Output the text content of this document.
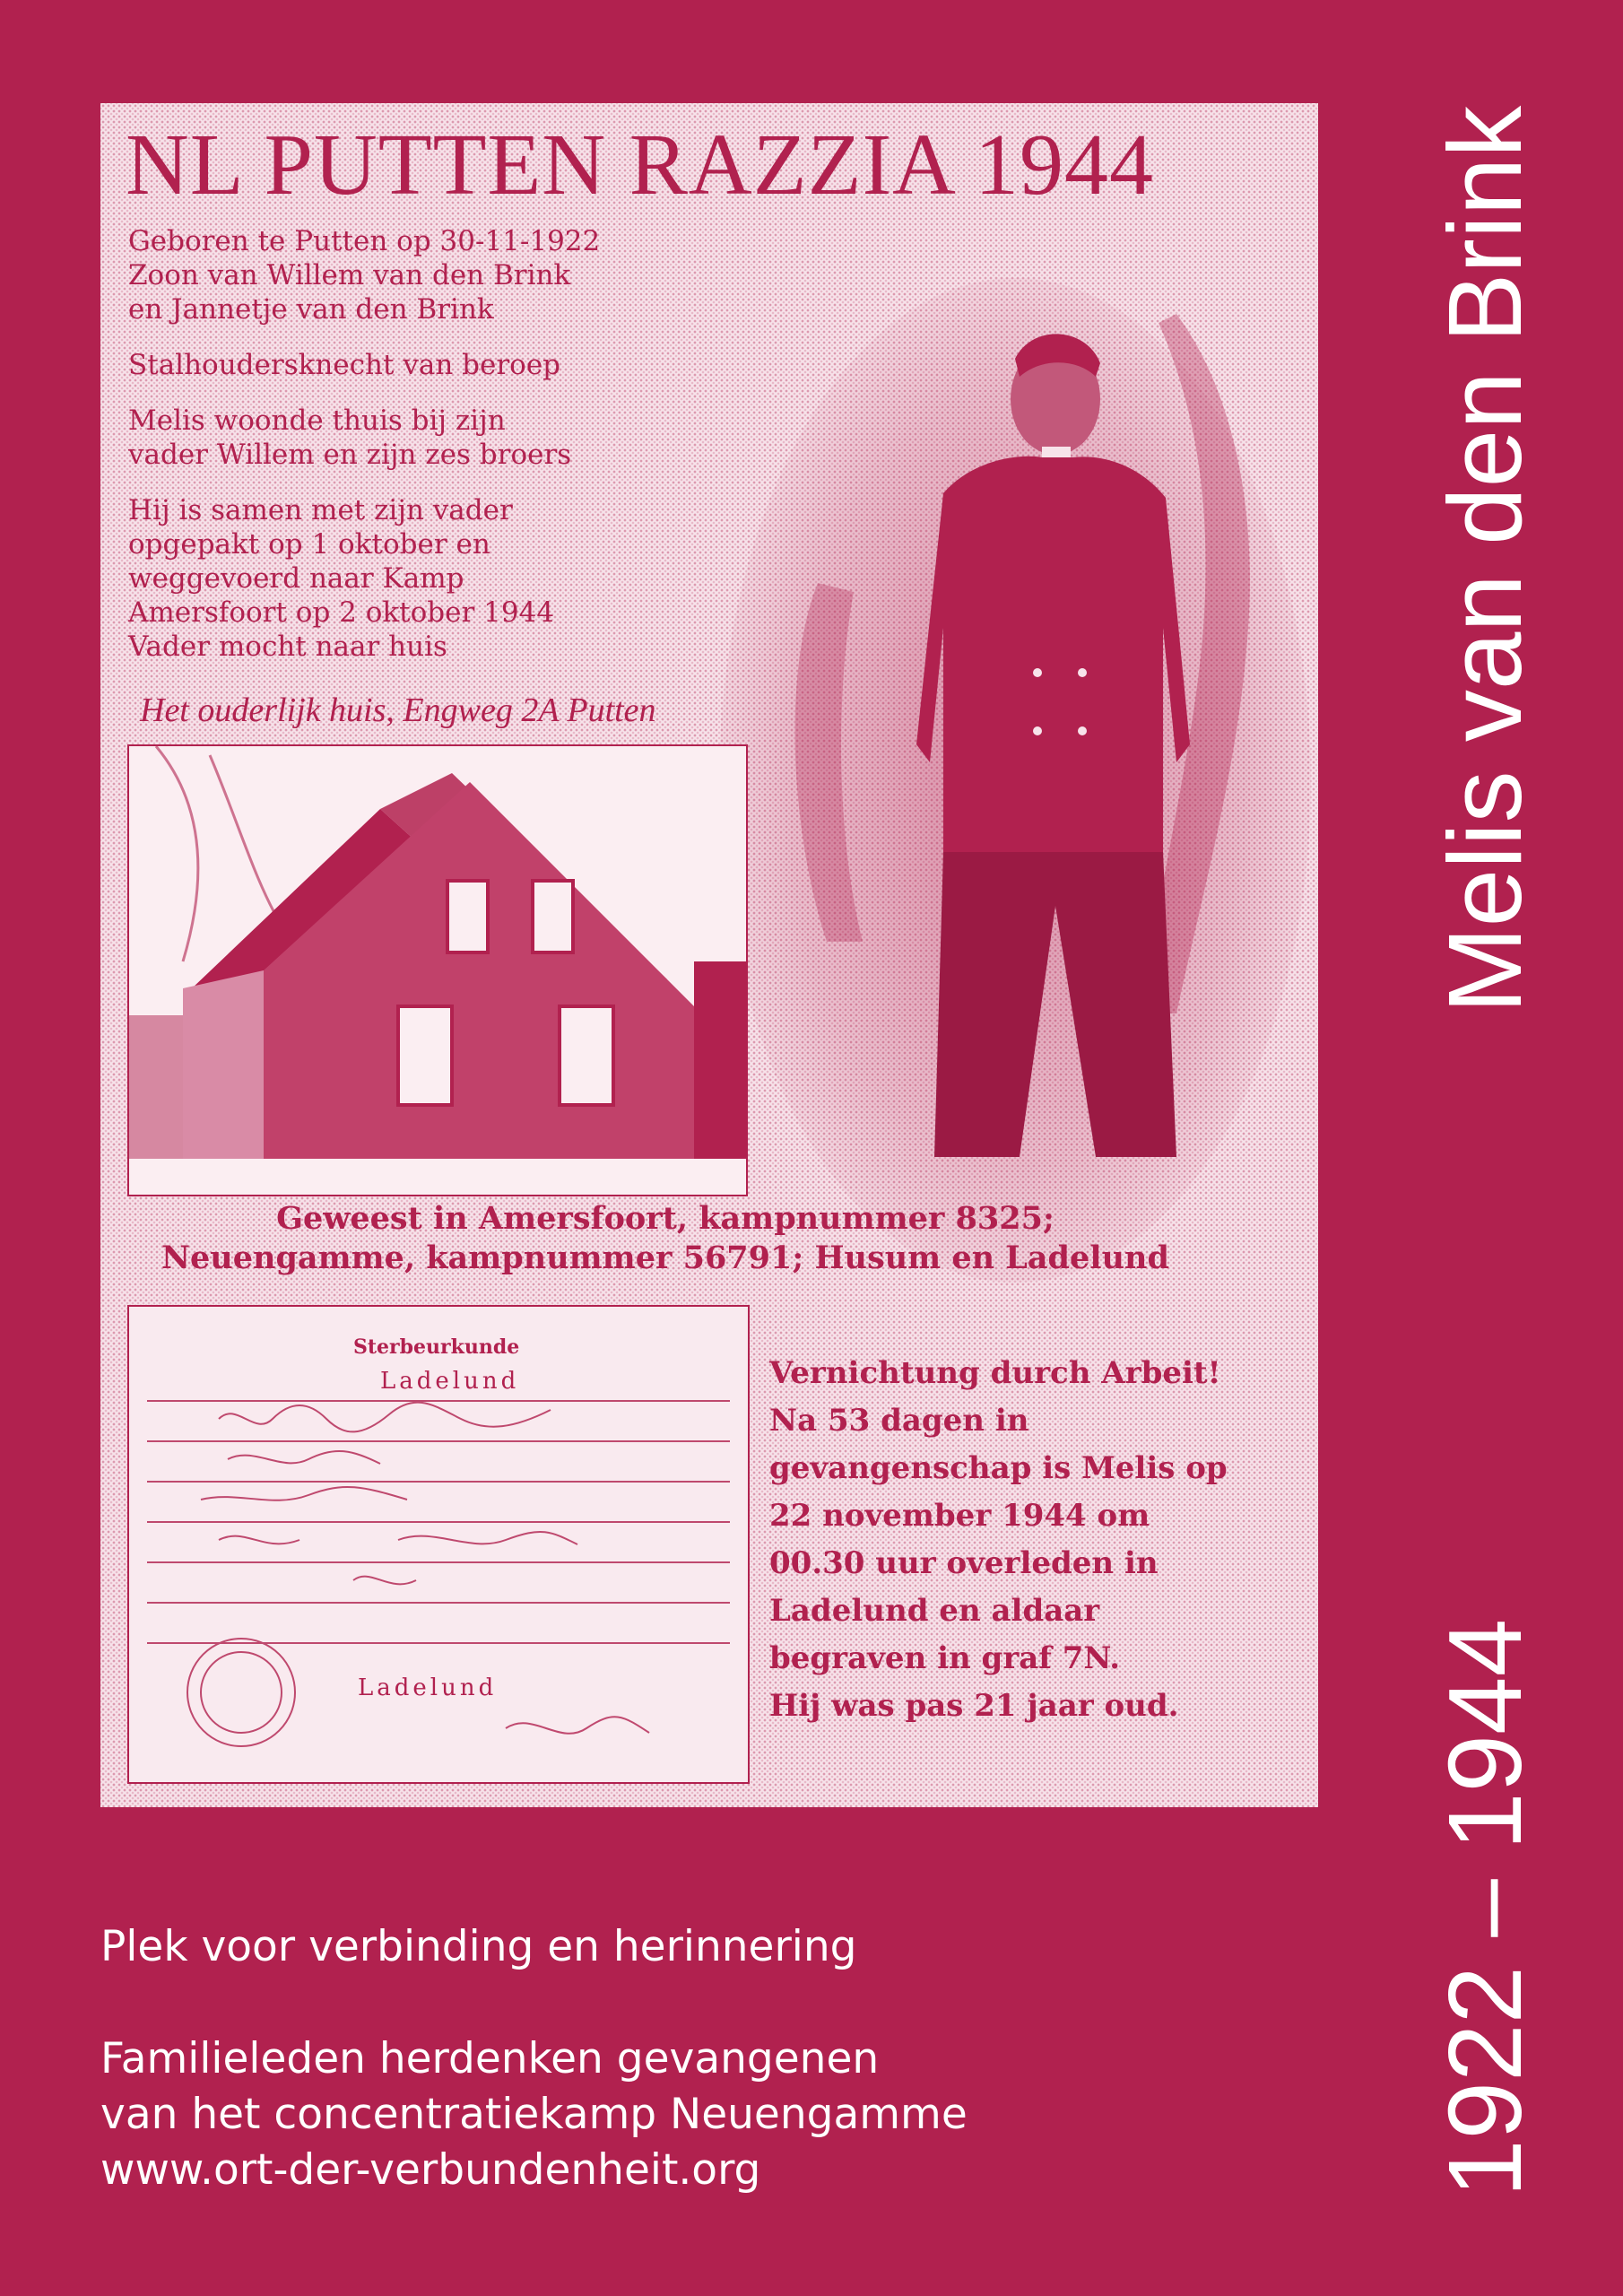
NL PUTTEN RAZZIA 1944

Geboren te Putten op 30-11-1922
Zoon van Willem van den Brink
en Jannetje van den Brink

Stalhoudersknecht van beroep

Melis woonde thuis bij zijn
vader Willem en zijn zes broers

Hij is samen met zijn vader
opgepakt op 1 oktober en
weggevoerd naar Kamp
Amersfoort op 2 oktober 1944
Vader mocht naar huis

Het ouderlijk huis, Engweg 2A Putten
Geweest in Amersfoort, kampnummer 8325;
Neuengamme, kampnummer 56791; Husum en Ladelund
Sterbeurkunde
Ladelund
Ladelund
Vernichtung durch Arbeit!
Na 53 dagen in
gevangenschap is Melis op
22 november 1944 om
00.30 uur overleden in
Ladelund en aldaar
begraven in graf 7N.
Hij was pas 21 jaar oud.
Plek voor verbinding en herinnering
Familieleden herdenken gevangenen
van het concentratiekamp Neuengamme
www.ort-der-verbundenheit.org
Melis van den Brink
1922 – 1944
